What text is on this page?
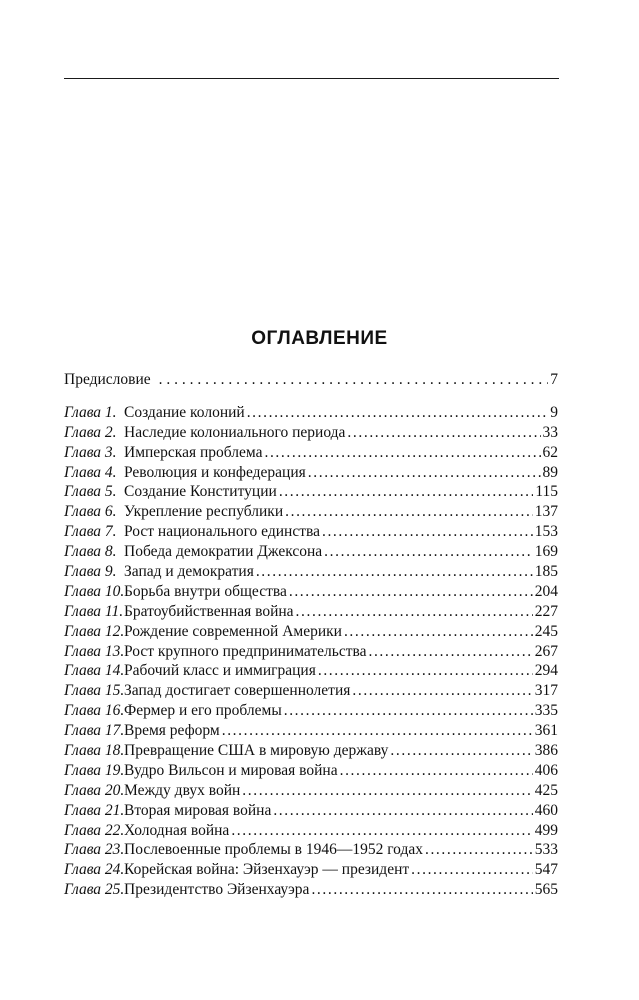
ОГЛАВЛЕНИЕ
Предисловие . . .	7
Глава 1. Создание колоний .....	9
Глава 2. Наследие колониального периода .....	33
Глава 3. Имперская проблема .....	62
Глава 4. Революция и конфедерация .....	89
Глава 5. Создание Конституции .....	115
Глава 6. Укрепление республики .....	137
Глава 7. Рост национального единства .....	153
Глава 8. Победа демократии Джексона .....	169
Глава 9. Запад и демократия .....	185
Глава 10. Борьба внутри общества .....	204
Глава 11. Братоубийственная война .....	227
Глава 12. Рождение современной Америки .....	245
Глава 13. Рост крупного предпринимательства .....	267
Глава 14. Рабочий класс и иммиграция .....	294
Глава 15. Запад достигает совершеннолетия .....	317
Глава 16. Фермер и его проблемы .....	335
Глава 17. Время реформ .....	361
Глава 18. Превращение США в мировую державу .....	386
Глава 19. Вудро Вильсон и мировая война .....	406
Глава 20. Между двух войн .....	425
Глава 21. Вторая мировая война .....	460
Глава 22. Холодная война .....	499
Глава 23. Послевоенные проблемы в 1946—1952 годах .....	533
Глава 24. Корейская война: Эйзенхауэр — президент .....	547
Глава 25. Президентство Эйзенхауэра .....	565
